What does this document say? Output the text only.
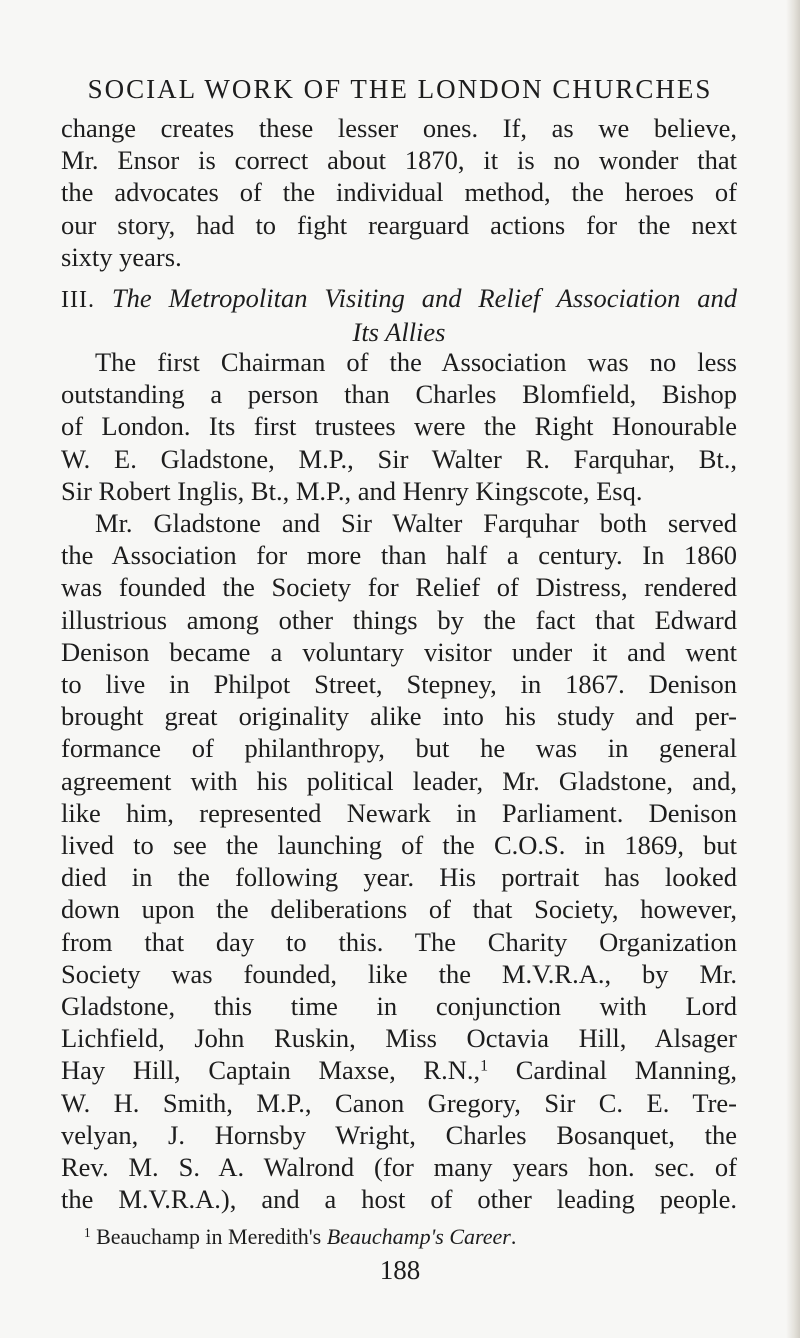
SOCIAL WORK OF THE LONDON CHURCHES
change creates these lesser ones. If, as we believe,
Mr. Ensor is correct about 1870, it is no wonder that
the advocates of the individual method, the heroes of
our story, had to fight rearguard actions for the next
sixty years.
III. The Metropolitan Visiting and Relief Association and
Its Allies
The first Chairman of the Association was no less
outstanding a person than Charles Blomfield, Bishop
of London. Its first trustees were the Right Honourable
W. E. Gladstone, M.P., Sir Walter R. Farquhar, Bt.,
Sir Robert Inglis, Bt., M.P., and Henry Kingscote, Esq.
Mr. Gladstone and Sir Walter Farquhar both served
the Association for more than half a century. In 1860
was founded the Society for Relief of Distress, rendered
illustrious among other things by the fact that Edward
Denison became a voluntary visitor under it and went
to live in Philpot Street, Stepney, in 1867. Denison
brought great originality alike into his study and per-
formance of philanthropy, but he was in general
agreement with his political leader, Mr. Gladstone, and,
like him, represented Newark in Parliament. Denison
lived to see the launching of the C.O.S. in 1869, but
died in the following year. His portrait has looked
down upon the deliberations of that Society, however,
from that day to this. The Charity Organization
Society was founded, like the M.V.R.A., by Mr.
Gladstone, this time in conjunction with Lord
Lichfield, John Ruskin, Miss Octavia Hill, Alsager
Hay Hill, Captain Maxse, R.N.,$^1$ Cardinal Manning,
W. H. Smith, M.P., Canon Gregory, Sir C. E. Tre-
velyan, J. Hornsby Wright, Charles Bosanquet, the
Rev. M. S. A. Walrond (for many years hon. sec. of
the M.V.R.A.), and a host of other leading people.
$^1$ Beauchamp in Meredith's Beauchamp's Career.
188
